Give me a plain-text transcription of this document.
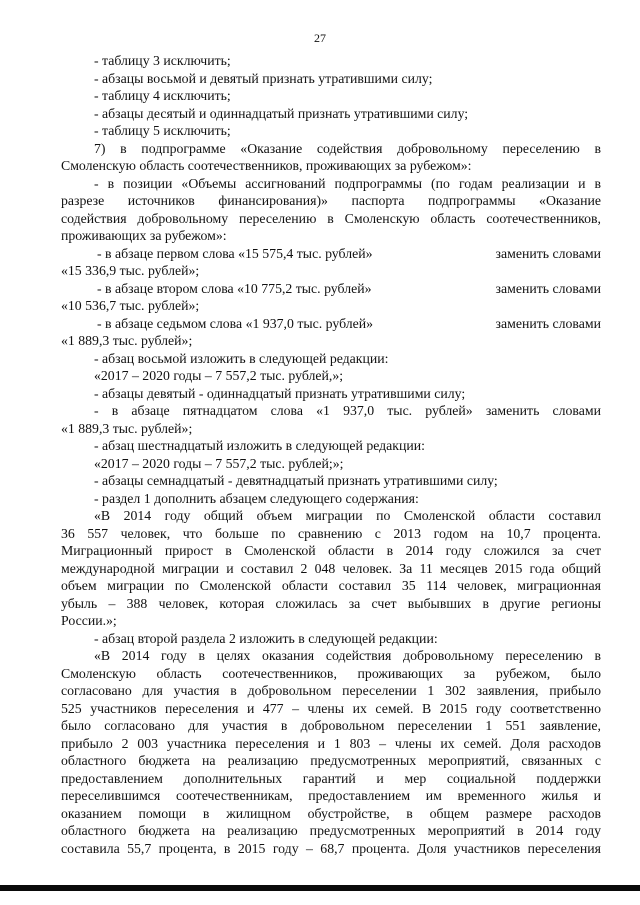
27
- таблицу 3 исключить;
- абзацы восьмой и девятый признать утратившими силу;
- таблицу 4 исключить;
- абзацы десятый и одиннадцатый признать утратившими силу;
- таблицу 5 исключить;
7) в подпрограмме «Оказание содействия добровольному переселению в
Смоленскую область соотечественников, проживающих за рубежом»:
- в позиции «Объемы ассигнований подпрограммы (по годам реализации и в
разрезе источников финансирования)» паспорта подпрограммы «Оказание
содействия добровольному переселению в Смоленскую область соотечественников,
проживающих за рубежом»:
- в абзаце первом слова «15 575,4 тыс. рублей»	заменить словами
«15 336,9 тыс. рублей»;
- в абзаце втором слова «10 775,2 тыс. рублей»	заменить словами
«10 536,7 тыс. рублей»;
- в абзаце седьмом слова «1 937,0 тыс. рублей»	заменить словами
«1 889,3 тыс. рублей»;
- абзац восьмой изложить в следующей редакции:
«2017 – 2020 годы – 7 557,2 тыс. рублей,»;
- абзацы девятый - одиннадцатый признать утратившими силу;
- в абзаце пятнадцатом слова «1 937,0 тыс. рублей» заменить словами
«1 889,3 тыс. рублей»;
- абзац шестнадцатый изложить в следующей редакции:
«2017 – 2020 годы – 7 557,2 тыс. рублей;»;
- абзацы семнадцатый - девятнадцатый признать утратившими силу;
- раздел 1 дополнить абзацем следующего содержания:
«В 2014 году общий объем миграции по Смоленской области составил
36 557 человек, что больше по сравнению с 2013 годом на 10,7 процента.
Миграционный прирост в Смоленской области в 2014 году сложился за счет
международной миграции и составил 2 048 человек. За 11 месяцев 2015 года общий
объем миграции по Смоленской области составил 35 114 человек, миграционная
убыль – 388 человек, которая сложилась за счет выбывших в другие регионы
России.»;
- абзац второй раздела 2 изложить в следующей редакции:
«В 2014 году в целях оказания содействия добровольному переселению в
Смоленскую область соотечественников, проживающих за рубежом, было
согласовано для участия в добровольном переселении 1 302 заявления, прибыло
525 участников переселения и 477 – члены их семей. В 2015 году соответственно
было согласовано для участия в добровольном переселении 1 551 заявление,
прибыло 2 003 участника переселения и 1 803 – члены их семей. Доля расходов
областного бюджета на реализацию предусмотренных мероприятий, связанных с
предоставлением дополнительных гарантий и мер социальной поддержки
переселившимся соотечественникам, предоставлением им временного жилья и
оказанием помощи в жилищном обустройстве, в общем размере расходов
областного бюджета на реализацию предусмотренных мероприятий в 2014 году
составила 55,7 процента, в 2015 году – 68,7 процента. Доля участников переселения
